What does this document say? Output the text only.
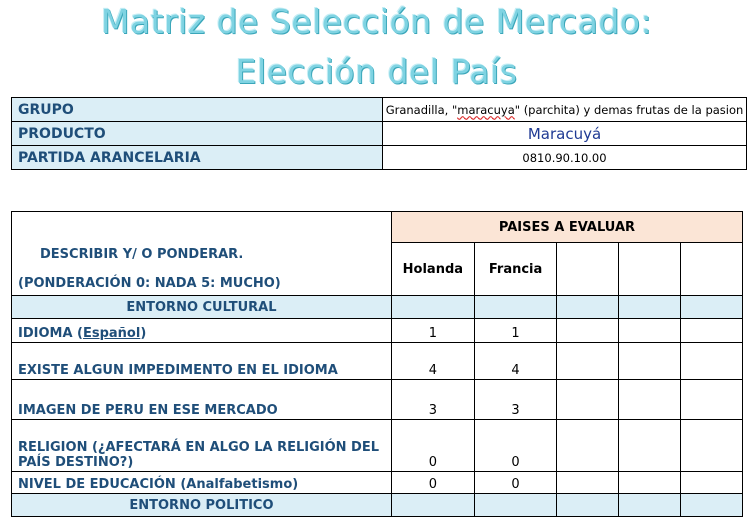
Matriz de Selección de Mercado:
Elección del País
GRUPO	Granadilla, "maracuya" (parchita) y demas frutas de la pasion
PRODUCTO	Maracuyá
PARTIDA ARANCELARIA	0810.90.10.00
DESCRIBIR Y/ O PONDERAR.
(PONDERACIÓN 0: NADA 5: MUCHO)	PAISES A EVALUAR				
	Holanda	Francia			
ENTORNO CULTURAL					
IDIOMA (Español)	1	1			
EXISTE ALGUN IMPEDIMENTO EN EL IDIOMA	4	4			
IMAGEN DE PERU EN ESE MERCADO	3	3			
RELIGION (¿AFECTARÁ EN ALGO LA RELIGIÓN DEL PAÍS DESTINO?)	0	0			
NIVEL DE EDUCACIÓN (Analfabetismo)	0	0			
ENTORNO POLITICO					
